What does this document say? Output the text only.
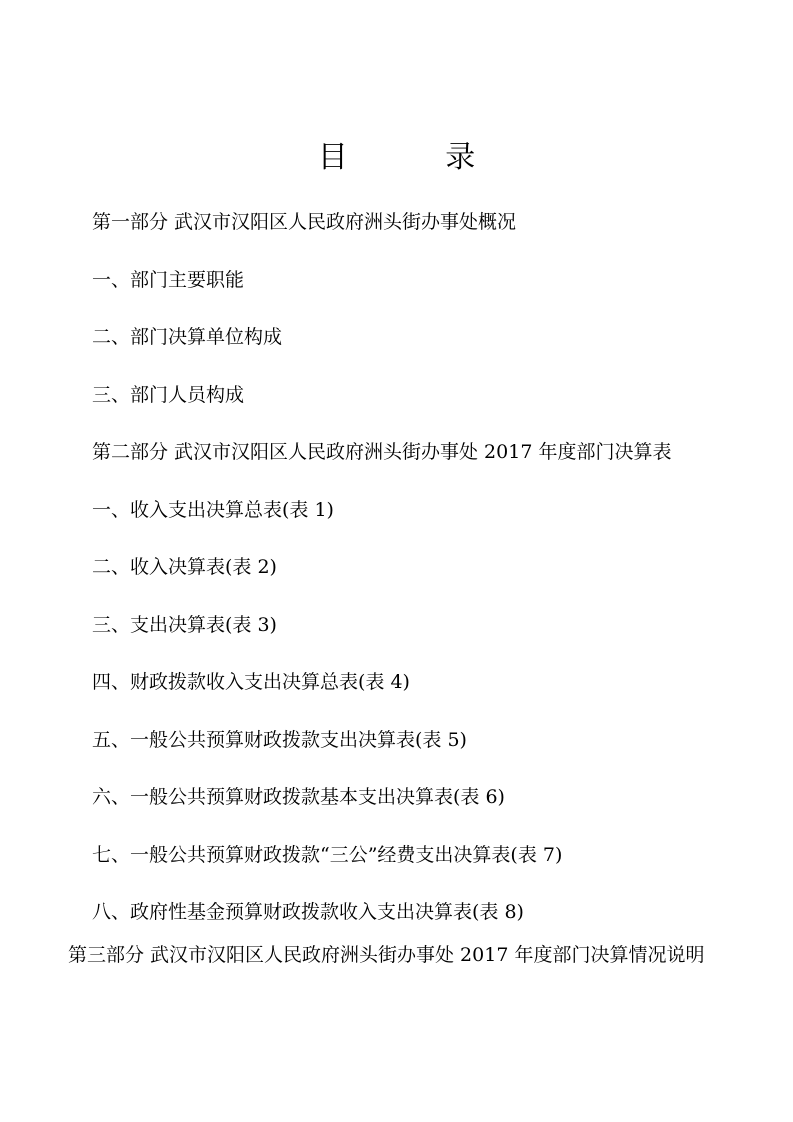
目 录
第一部分 武汉市汉阳区人民政府洲头街办事处概况
一、部门主要职能
二、部门决算单位构成
三、部门人员构成
第二部分 武汉市汉阳区人民政府洲头街办事处 2017 年度部门决算表
一、收入支出决算总表(表 1)
二、收入决算表(表 2)
三、支出决算表(表 3)
四、财政拨款收入支出决算总表(表 4)
五、一般公共预算财政拨款支出决算表(表 5)
六、一般公共预算财政拨款基本支出决算表(表 6)
七、一般公共预算财政拨款“三公”经费支出决算表(表 7)
八、政府性基金预算财政拨款收入支出决算表(表 8)
第三部分 武汉市汉阳区人民政府洲头街办事处 2017 年度部门决算情况说明
